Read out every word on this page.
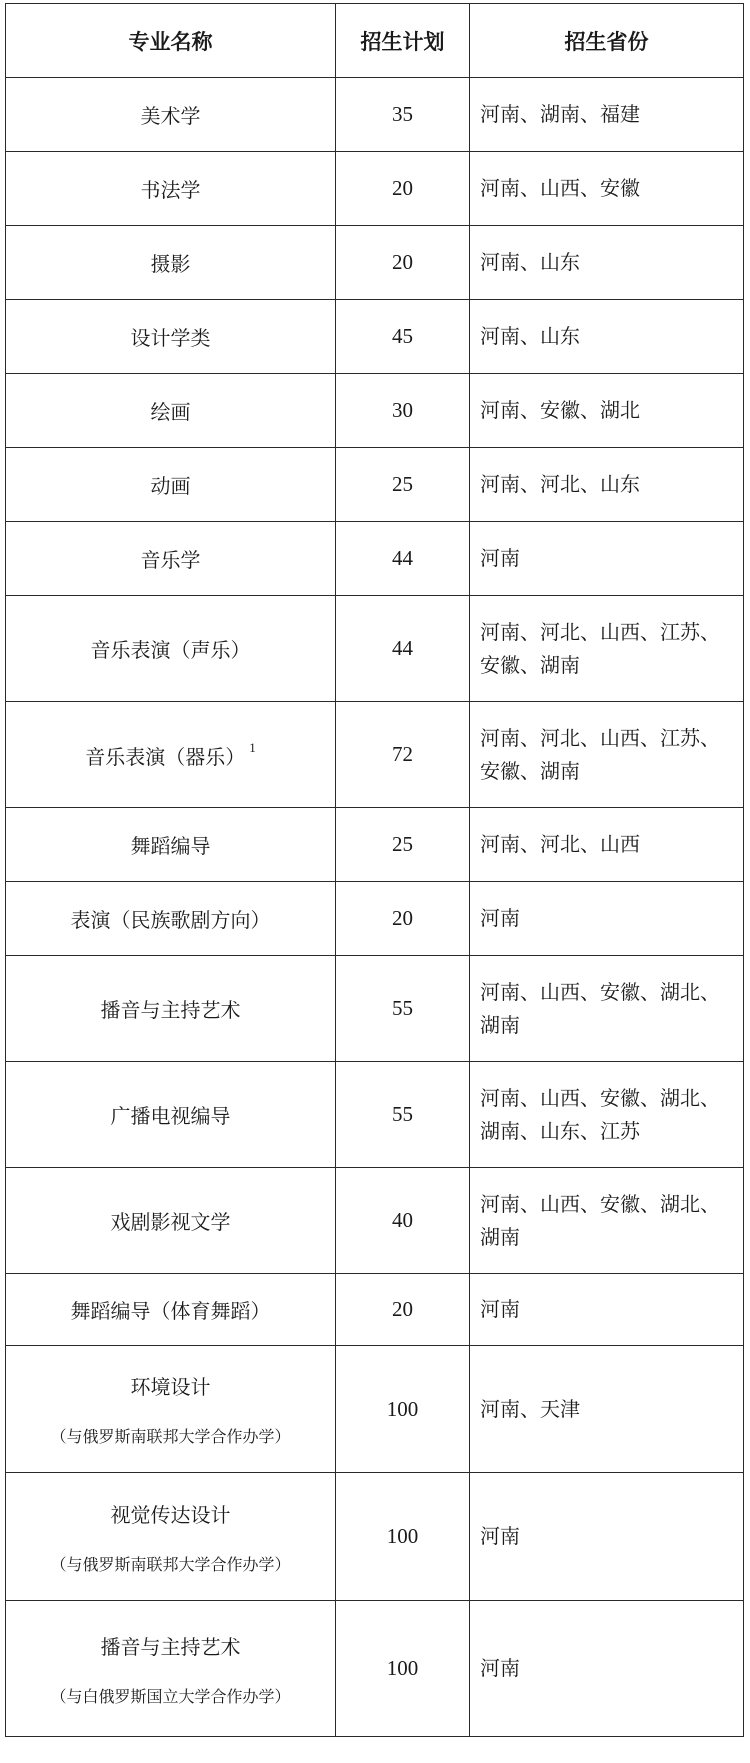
专业名称	招生计划	招生省份
美术学	35	河南、湖南、福建
书法学	20	河南、山西、安徽
摄影	20	河南、山东
设计学类	45	河南、山东
绘画	30	河南、安徽、湖北
动画	25	河南、河北、山东
音乐学	44	河南
音乐表演（声乐）	44	河南、河北、山西、江苏、安徽、湖南
音乐表演（器乐） $^1$	72	河南、河北、山西、江苏、安徽、湖南
舞蹈编导	25	河南、河北、山西
表演（民族歌剧方向）	20	河南
播音与主持艺术	55	河南、山西、安徽、湖北、湖南
广播电视编导	55	河南、山西、安徽、湖北、湖南、山东、江苏
戏剧影视文学	40	河南、山西、安徽、湖北、湖南
舞蹈编导（体育舞蹈）	20	河南
环境设计
（与俄罗斯南联邦大学合作办学）	100	河南、天津
视觉传达设计
（与俄罗斯南联邦大学合作办学）	100	河南
播音与主持艺术
（与白俄罗斯国立大学合作办学）	100	河南
